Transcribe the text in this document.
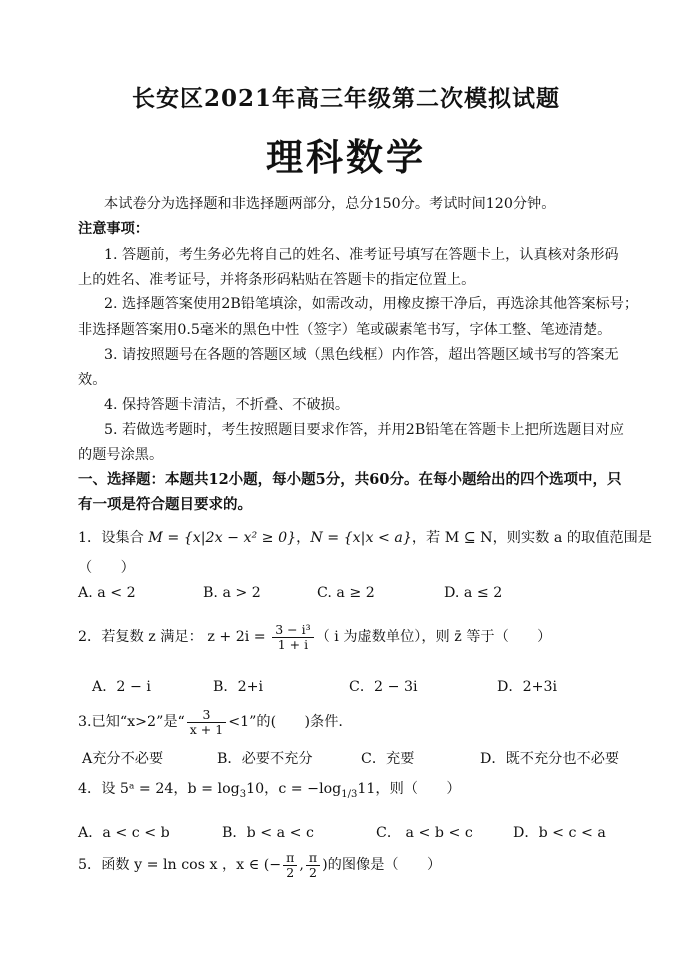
长安区2021年高三年级第二次模拟试题
理科数学
本试卷分为选择题和非选择题两部分，总分150分。考试时间120分钟。
注意事项：
1. 答题前，考生务必先将自己的姓名、准考证号填写在答题卡上，认真核对条形码
上的姓名、准考证号，并将条形码粘贴在答题卡的指定位置上。
2. 选择题答案使用2B铅笔填涂，如需改动，用橡皮擦干净后，再选涂其他答案标号；
非选择题答案用0.5毫米的黑色中性（签字）笔或碳素笔书写，字体工整、笔迹清楚。
3. 请按照题号在各题的答题区域（黑色线框）内作答，超出答题区域书写的答案无
效。
4. 保持答题卡清洁，不折叠、不破损。
5. 若做选考题时，考生按照题目要求作答，并用2B铅笔在答题卡上把所选题目对应
的题号涂黑。
一、选择题：本题共12小题，每小题5分，共60分。在每小题给出的四个选项中，只
有一项是符合题目要求的。
1．设集合 M = {x|2x − x² ≥ 0}，N = {x|x < a}，若 M ⊆ N，则实数 a 的取值范围是
（　　）
A. a < 2	B. a > 2	C. a ≥ 2	D. a ≤ 2
2．若复数 z 满足： $z + 2i = \frac{\text{3 − i³}}{1 + i}$ （ i 为虚数单位），则 z̄ 等于（　　）
A．2 − i	B．2+i	C．2 − 3i	D．2+3i
3.已知“x>2”是“ $\frac{3}{x + 1} <1$”的(　　)条件.
A充分不必要	B．必要不充分	C．充要	D．既不充分也不必要
4．设 5ᵃ = 24，$b = \log_310$，$c = -\log_{1/3}11$，则（　　）
A．a < c < b	B．b < a < c	C． a < b < c	D．b < c < a
5．函数 y = ln cos x ，x ∈ (− $\frac{\pi}{2}$ , $\frac{\pi}{2}$ )的图像是（　　）
